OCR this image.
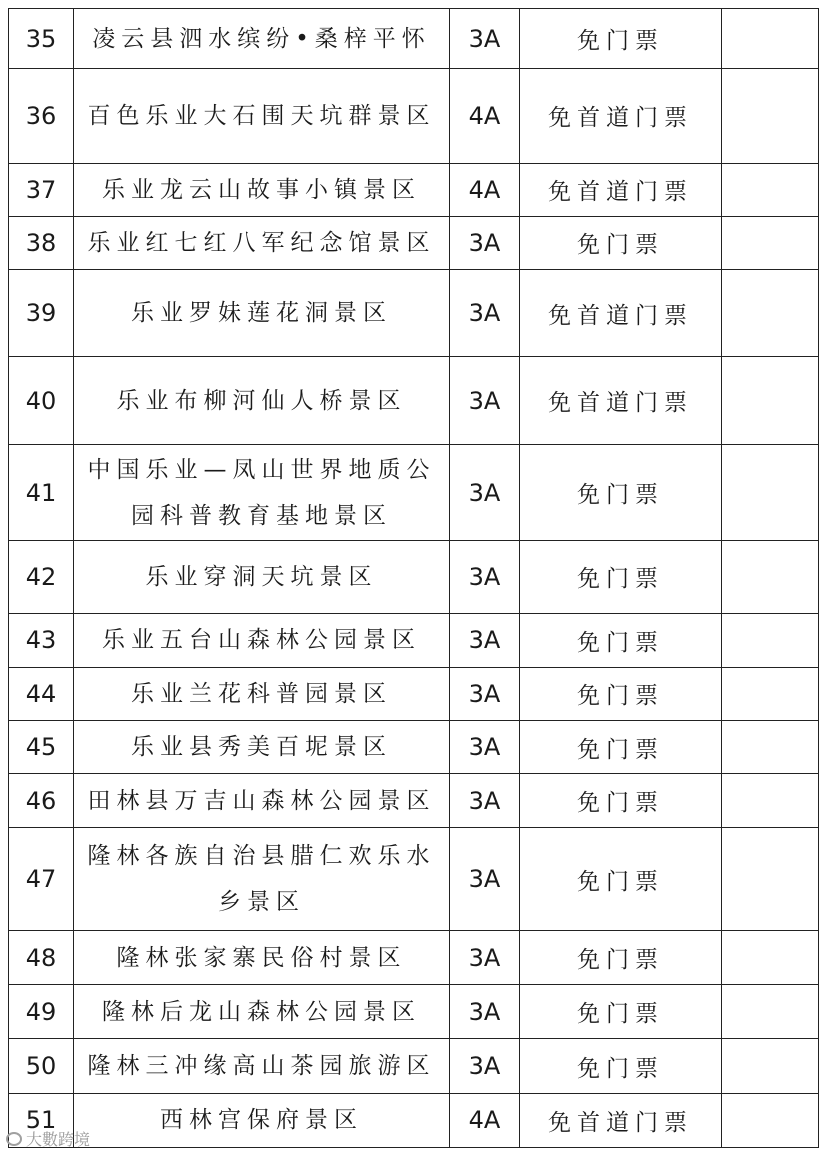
35	凌云县泗水缤纷•桑梓平怀	3A	免门票	
36	百色乐业大石围天坑群景区	4A	免首道门票	
37	乐业龙云山故事小镇景区	4A	免首道门票	
38	乐业红七红八军纪念馆景区	3A	免门票	
39	乐业罗妹莲花洞景区	3A	免首道门票	
40	乐业布柳河仙人桥景区	3A	免首道门票	
41	中国乐业—凤山世界地质公园科普教育基地景区	3A	免门票	
42	乐业穿洞天坑景区	3A	免门票	
43	乐业五台山森林公园景区	3A	免门票	
44	乐业兰花科普园景区	3A	免门票	
45	乐业县秀美百坭景区	3A	免门票	
46	田林县万吉山森林公园景区	3A	免门票	
47	隆林各族自治县腊仁欢乐水乡景区	3A	免门票	
48	隆林张家寨民俗村景区	3A	免门票	
49	隆林后龙山森林公园景区	3A	免门票	
50	隆林三冲缘高山茶园旅游区	3A	免门票	
51	西林宫保府景区	4A	免首道门票	
大數跨境
